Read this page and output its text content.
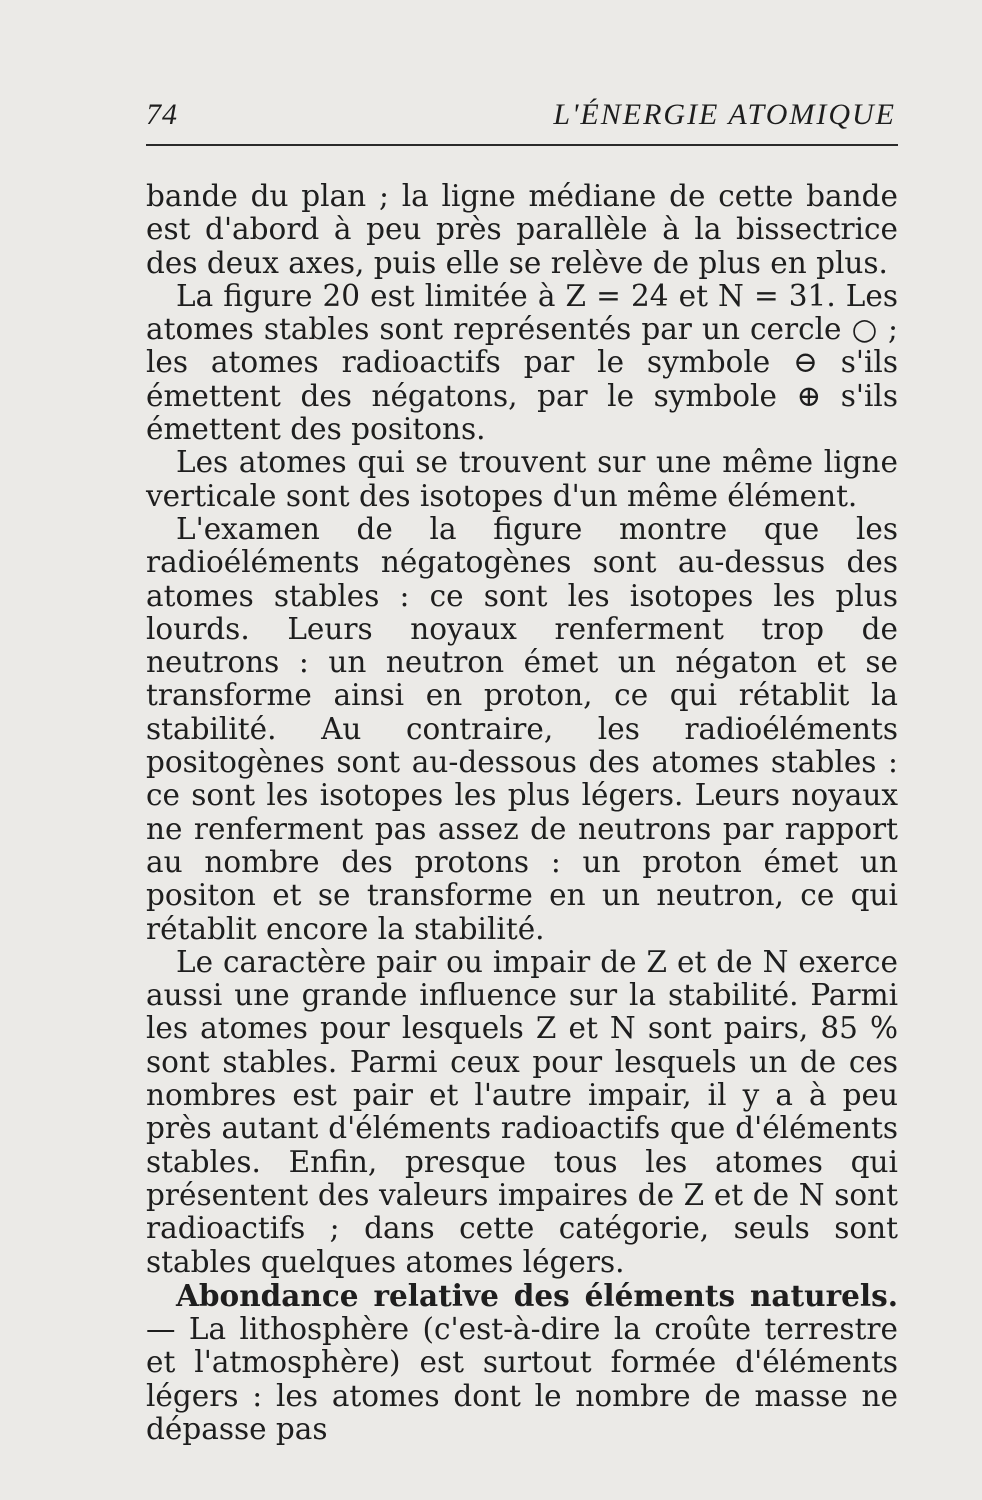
74	L'ÉNERGIE ATOMIQUE

bande du plan ; la ligne médiane de cette bande est d'abord à peu près parallèle à la bissectrice des deux axes, puis elle se relève de plus en plus.

La figure 20 est limitée à Z = 24 et N = 31. Les atomes stables sont représentés par un cercle ○ ; les atomes radioactifs par le symbole ⊖ s'ils émettent des négatons, par le symbole ⊕ s'ils émettent des positons.

Les atomes qui se trouvent sur une même ligne verticale sont des isotopes d'un même élément.

L'examen de la figure montre que les radioéléments négatogènes sont au-dessus des atomes stables : ce sont les isotopes les plus lourds. Leurs noyaux renferment trop de neutrons : un neutron émet un négaton et se transforme ainsi en proton, ce qui rétablit la stabilité. Au contraire, les radioéléments positogènes sont au-dessous des atomes stables : ce sont les isotopes les plus légers. Leurs noyaux ne renferment pas assez de neutrons par rapport au nombre des protons : un proton émet un positon et se transforme en un neutron, ce qui rétablit encore la stabilité.

Le caractère pair ou impair de Z et de N exerce aussi une grande influence sur la stabilité. Parmi les atomes pour lesquels Z et N sont pairs, 85 % sont stables. Parmi ceux pour lesquels un de ces nombres est pair et l'autre impair, il y a à peu près autant d'éléments radioactifs que d'éléments stables. Enfin, presque tous les atomes qui présentent des valeurs impaires de Z et de N sont radioactifs ; dans cette catégorie, seuls sont stables quelques atomes légers.

Abondance relative des éléments naturels. — La lithosphère (c'est-à-dire la croûte terrestre et l'atmosphère) est surtout formée d'éléments légers : les atomes dont le nombre de masse ne dépasse pas
